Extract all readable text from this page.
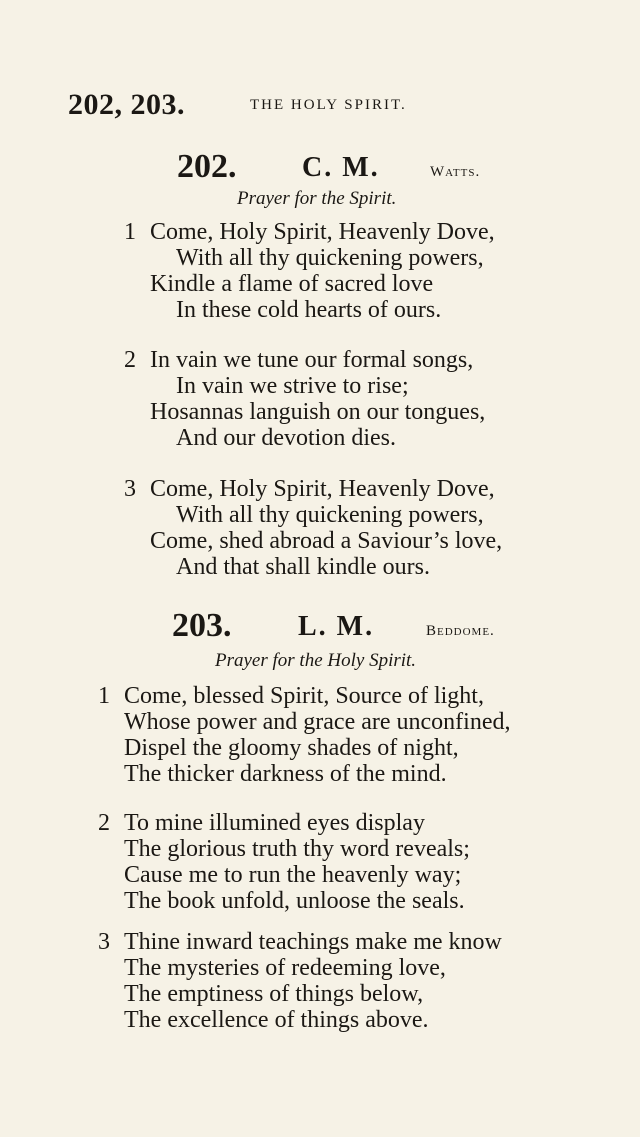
202, 203.	THE HOLY SPIRIT.
202. C. M.	Watts.
Prayer for the Spirit.
1 Come, Holy Spirit, Heavenly Dove,
With all thy quickening powers,
Kindle a flame of sacred love
In these cold hearts of ours.
2 In vain we tune our formal songs,
In vain we strive to rise;
Hosannas languish on our tongues,
And our devotion dies.
3 Come, Holy Spirit, Heavenly Dove,
With all thy quickening powers,
Come, shed abroad a Saviour’s love,
And that shall kindle ours.
203. L. M.	Beddome.
Prayer for the Holy Spirit.
1 Come, blessed Spirit, Source of light,
Whose power and grace are unconfined,
Dispel the gloomy shades of night,
The thicker darkness of the mind.
2 To mine illumined eyes display
The glorious truth thy word reveals;
Cause me to run the heavenly way;
The book unfold, unloose the seals.
3 Thine inward teachings make me know
The mysteries of redeeming love,
The emptiness of things below,
The excellence of things above.
